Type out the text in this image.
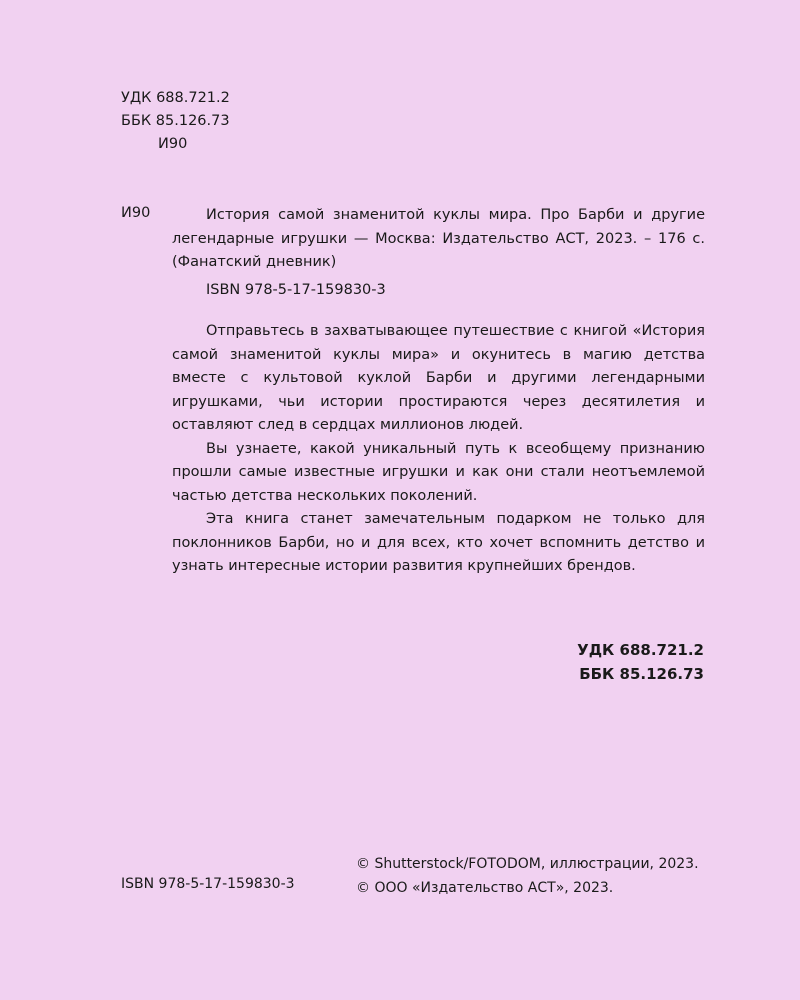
УДК 688.721.2
ББК 85.126.73
И90
И90	История самой знаменитой куклы мира. Про Барби и другие легендарные игрушки — Москва: Издательство АСТ, 2023. – 176 с. (Фанатский дневник)

ISBN 978-5-17-159830-3

Отправьтесь в захватывающее путешествие с книгой «История самой знаменитой куклы мира» и окунитесь в магию детства вместе с культовой куклой Барби и другими легендарными игрушками, чьи истории простираются через десятилетия и оставляют след в сердцах миллионов людей.

Вы узнаете, какой уникальный путь к всеобщему признанию прошли самые известные игрушки и как они стали неотъемлемой частью детства нескольких поколений.

Эта книга станет замечательным подарком не только для поклонников Барби, но и для всех, кто хочет вспомнить детство и узнать интересные истории развития крупнейших брендов.

УДК 688.721.2
ББК 85.126.73
ISBN 978-5-17-159830-3
© Shutterstock/FOTODOM, иллюстрации, 2023.
© ООО «Издательство АСТ», 2023.
